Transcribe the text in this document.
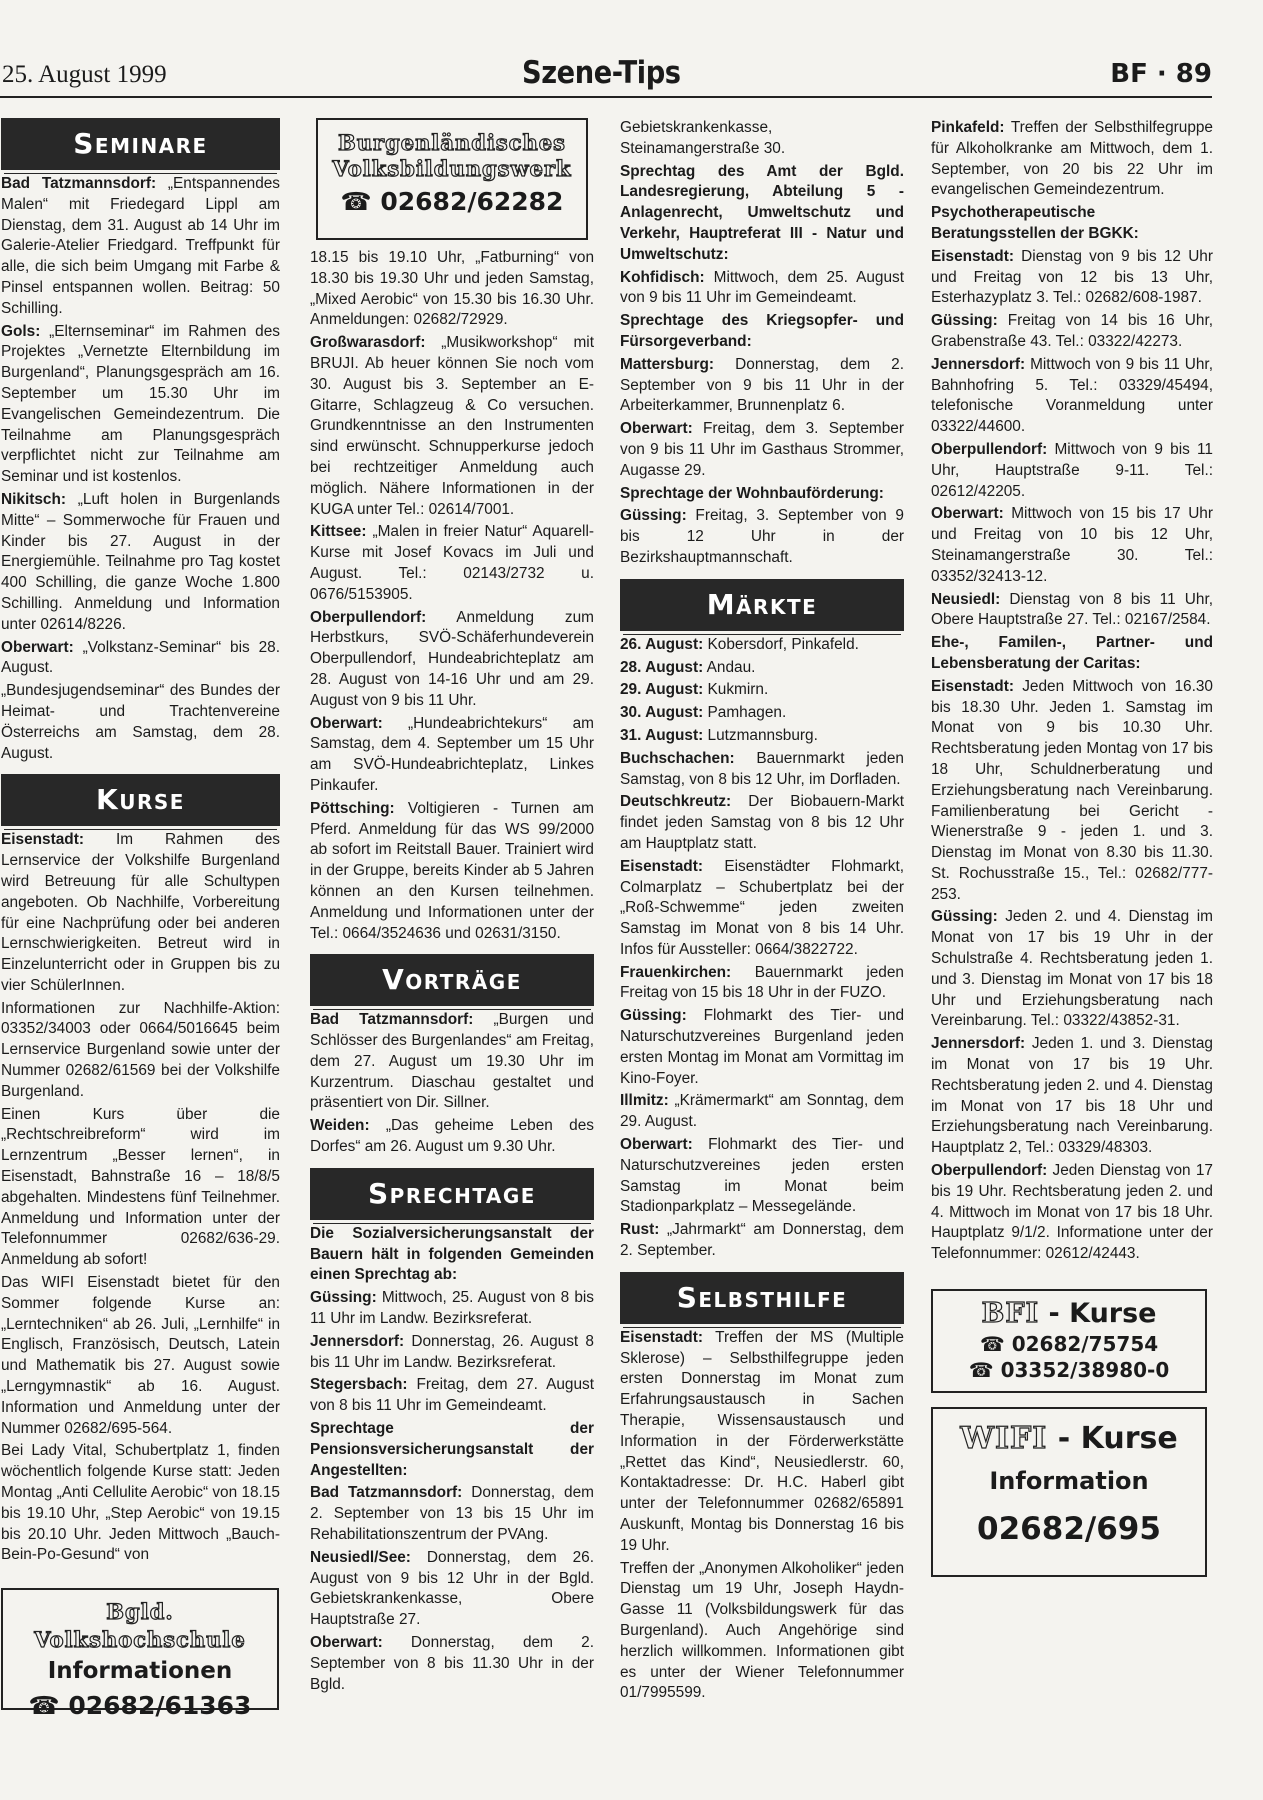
25. August 1999	Szene-Tips	BF · 89
Seminare

Bad Tatzmannsdorf: „Entspannendes Malen“ mit Friedegard Lippl am Dienstag, dem 31. August ab 14 Uhr im Galerie-Atelier Friedgard. Treffpunkt für alle, die sich beim Umgang mit Farbe & Pinsel entspannen wollen. Beitrag: 50 Schilling.

Gols: „Elternseminar“ im Rahmen des Projektes „Vernetzte Elternbildung im Burgenland“, Planungsgespräch am 16. September um 15.30 Uhr im Evangelischen Gemeindezentrum. Die Teilnahme am Planungsgespräch verpflichtet nicht zur Teilnahme am Seminar und ist kostenlos.

Nikitsch: „Luft holen in Burgenlands Mitte“ – Sommerwoche für Frauen und Kinder bis 27. August in der Energiemühle. Teilnahme pro Tag kostet 400 Schilling, die ganze Woche 1.800 Schilling. Anmeldung und Information unter 02614/8226.

Oberwart: „Volkstanz-Seminar“ bis 28. August.

„Bundesjugendseminar“ des Bundes der Heimat- und Trachtenvereine Österreichs am Samstag, dem 28. August.

Kurse

Eisenstadt: Im Rahmen des Lernservice der Volkshilfe Burgenland wird Betreuung für alle Schultypen angeboten. Ob Nachhilfe, Vorbereitung für eine Nachprüfung oder bei anderen Lernschwierigkeiten. Betreut wird in Einzelunterricht oder in Gruppen bis zu vier SchülerInnen.

Informationen zur Nachhilfe-Aktion: 03352/34003 oder 0664/5016645 beim Lernservice Burgenland sowie unter der Nummer 02682/61569 bei der Volkshilfe Burgenland.

Einen Kurs über die „Rechtschreibreform“ wird im Lernzentrum „Besser lernen“, in Eisenstadt, Bahnstraße 16 – 18/8/5 abgehalten. Mindestens fünf Teilnehmer. Anmeldung und Information unter der Telefonnummer 02682/636-29. Anmeldung ab sofort!

Das WIFI Eisenstadt bietet für den Sommer folgende Kurse an: „Lerntechniken“ ab 26. Juli, „Lernhilfe“ in Englisch, Französisch, Deutsch, Latein und Mathematik bis 27. August sowie „Lerngymnastik“ ab 16. August. Information und Anmeldung unter der Nummer 02682/695-564.

Bei Lady Vital, Schubertplatz 1, finden wöchentlich folgende Kurse statt: Jeden Montag „Anti Cellulite Aerobic“ von 18.15 bis 19.10 Uhr, „Step Aerobic“ von 19.15 bis 20.10 Uhr. Jeden Mittwoch „Bauch-Bein-Po-Gesund“ von

Bgld. Volkshochschule
Informationen
☎ 02682/61363
Burgenländisches
Volksbildungswerk
☎ 02682/62282

18.15 bis 19.10 Uhr, „Fatburning“ von 18.30 bis 19.30 Uhr und jeden Samstag, „Mixed Aerobic“ von 15.30 bis 16.30 Uhr. Anmeldungen: 02682/72929.

Großwarasdorf: „Musikworkshop“ mit BRUJI. Ab heuer können Sie noch vom 30. August bis 3. September an E-Gitarre, Schlagzeug & Co versuchen. Grundkenntnisse an den Instrumenten sind erwünscht. Schnupperkurse jedoch bei rechtzeitiger Anmeldung auch möglich. Nähere Informationen in der KUGA unter Tel.: 02614/7001.

Kittsee: „Malen in freier Natur“ Aquarell-Kurse mit Josef Kovacs im Juli und August. Tel.: 02143/2732 u. 0676/5153905.

Oberpullendorf: Anmeldung zum Herbstkurs, SVÖ-Schäferhundeverein Oberpullendorf, Hundeabrichteplatz am 28. August von 14-16 Uhr und am 29. August von 9 bis 11 Uhr.

Oberwart: „Hundeabrichtekurs“ am Samstag, dem 4. September um 15 Uhr am SVÖ-Hundeabrichteplatz, Linkes Pinkaufer.

Pöttsching: Voltigieren - Turnen am Pferd. Anmeldung für das WS 99/2000 ab sofort im Reitstall Bauer. Trainiert wird in der Gruppe, bereits Kinder ab 5 Jahren können an den Kursen teilnehmen. Anmeldung und Informationen unter der Tel.: 0664/3524636 und 02631/3150.

Vorträge

Bad Tatzmannsdorf: „Burgen und Schlösser des Burgenlandes“ am Freitag, dem 27. August um 19.30 Uhr im Kurzentrum. Diaschau gestaltet und präsentiert von Dir. Sillner.

Weiden: „Das geheime Leben des Dorfes“ am 26. August um 9.30 Uhr.

Sprechtage

Die Sozialversicherungsanstalt der Bauern hält in folgenden Gemeinden einen Sprechtag ab:

Güssing: Mittwoch, 25. August von 8 bis 11 Uhr im Landw. Bezirksreferat.

Jennersdorf: Donnerstag, 26. August 8 bis 11 Uhr im Landw. Bezirksreferat.

Stegersbach: Freitag, dem 27. August von 8 bis 11 Uhr im Gemeindeamt.

Sprechtage der Pensionsversicherungsanstalt der Angestellten:

Bad Tatzmannsdorf: Donnerstag, dem 2. September von 13 bis 15 Uhr im Rehabilitationszentrum der PVAng.

Neusiedl/See: Donnerstag, dem 26. August von 9 bis 12 Uhr in der Bgld. Gebietskrankenkasse, Obere Hauptstraße 27.

Oberwart: Donnerstag, dem 2. September von 8 bis 11.30 Uhr in der Bgld.

Gebietskrankenkasse, Steinamangerstraße 30.

Sprechtag des Amt der Bgld. Landesregierung, Abteilung 5 - Anlagenrecht, Umweltschutz und Verkehr, Hauptreferat III - Natur und Umweltschutz:

Kohfidisch: Mittwoch, dem 25. August von 9 bis 11 Uhr im Gemeindeamt.

Sprechtage des Kriegsopfer- und Fürsorgeverband:

Mattersburg: Donnerstag, dem 2. September von 9 bis 11 Uhr in der Arbeiterkammer, Brunnenplatz 6.

Oberwart: Freitag, dem 3. September von 9 bis 11 Uhr im Gasthaus Strommer, Augasse 29.

Sprechtage der Wohnbauförderung:

Güssing: Freitag, 3. September von 9 bis 12 Uhr in der Bezirkshauptmannschaft.

Märkte

26. August: Kobersdorf, Pinkafeld.

28. August: Andau.

29. August: Kukmirn.

30. August: Pamhagen.

31. August: Lutzmannsburg.

Buchschachen: Bauernmarkt jeden Samstag, von 8 bis 12 Uhr, im Dorfladen.

Deutschkreutz: Der Biobauern-Markt findet jeden Samstag von 8 bis 12 Uhr am Hauptplatz statt.

Eisenstadt: Eisenstädter Flohmarkt, Colmarplatz – Schubertplatz bei der „Roß-Schwemme“ jeden zweiten Samstag im Monat von 8 bis 14 Uhr. Infos für Aussteller: 0664/3822722.

Frauenkirchen: Bauernmarkt jeden Freitag von 15 bis 18 Uhr in der FUZO.

Güssing: Flohmarkt des Tier- und Naturschutzvereines Burgenland jeden ersten Montag im Monat am Vormittag im Kino-Foyer.

Illmitz: „Krämermarkt“ am Sonntag, dem 29. August.

Oberwart: Flohmarkt des Tier- und Naturschutzvereines jeden ersten Samstag im Monat beim Stadionparkplatz – Messegelände.

Rust: „Jahrmarkt“ am Donnerstag, dem 2. September.

Selbsthilfe

Eisenstadt: Treffen der MS (Multiple Sklerose) – Selbsthilfegruppe jeden ersten Donnerstag im Monat zum Erfahrungsaustausch in Sachen Therapie, Wissensaustausch und Information in der Förderwerkstätte „Rettet das Kind“, Neusiedlerstr. 60, Kontaktadresse: Dr. H.C. Haberl gibt unter der Telefonnummer 02682/65891 Auskunft, Montag bis Donnerstag 16 bis 19 Uhr.

Treffen der „Anonymen Alkoholiker“ jeden Dienstag um 19 Uhr, Joseph Haydn-Gasse 11 (Volksbildungswerk für das Burgenland). Auch Angehörige sind herzlich willkommen. Informationen gibt es unter der Wiener Telefonnummer 01/7995599.

Pinkafeld: Treffen der Selbsthilfegruppe für Alkoholkranke am Mittwoch, dem 1. September, von 20 bis 22 Uhr im evangelischen Gemeindezentrum.

Psychotherapeutische Beratungsstellen der BGKK:

Eisenstadt: Dienstag von 9 bis 12 Uhr und Freitag von 12 bis 13 Uhr, Esterhazyplatz 3. Tel.: 02682/608-1987.

Güssing: Freitag von 14 bis 16 Uhr, Grabenstraße 43. Tel.: 03322/42273.

Jennersdorf: Mittwoch von 9 bis 11 Uhr, Bahnhofring 5. Tel.: 03329/45494, telefonische Voranmeldung unter 03322/44600.

Oberpullendorf: Mittwoch von 9 bis 11 Uhr, Hauptstraße 9-11. Tel.: 02612/42205.

Oberwart: Mittwoch von 15 bis 17 Uhr und Freitag von 10 bis 12 Uhr, Steinamangerstraße 30. Tel.: 03352/32413-12.

Neusiedl: Dienstag von 8 bis 11 Uhr, Obere Hauptstraße 27. Tel.: 02167/2584.

Ehe-, Familen-, Partner- und Lebensberatung der Caritas:

Eisenstadt: Jeden Mittwoch von 16.30 bis 18.30 Uhr. Jeden 1. Samstag im Monat von 9 bis 10.30 Uhr. Rechtsberatung jeden Montag von 17 bis 18 Uhr, Schuldnerberatung und Erziehungsberatung nach Vereinbarung. Familienberatung bei Gericht - Wienerstraße 9 - jeden 1. und 3. Dienstag im Monat von 8.30 bis 11.30. St. Rochusstraße 15., Tel.: 02682/777-253.

Güssing: Jeden 2. und 4. Dienstag im Monat von 17 bis 19 Uhr in der Schulstraße 4. Rechtsberatung jeden 1. und 3. Dienstag im Monat von 17 bis 18 Uhr und Erziehungsberatung nach Vereinbarung. Tel.: 03322/43852-31.

Jennersdorf: Jeden 1. und 3. Dienstag im Monat von 17 bis 19 Uhr. Rechtsberatung jeden 2. und 4. Dienstag im Monat von 17 bis 18 Uhr und Erziehungsberatung nach Vereinbarung. Hauptplatz 2, Tel.: 03329/48303.

Oberpullendorf: Jeden Dienstag von 17 bis 19 Uhr. Rechtsberatung jeden 2. und 4. Mittwoch im Monat von 17 bis 18 Uhr. Hauptplatz 9/1/2. Informatione unter der Telefonnummer: 02612/42443.

BFI - Kurse
☎ 02682/75754
☎ 03352/38980-0
WIFI - Kurse
Information
02682/695
